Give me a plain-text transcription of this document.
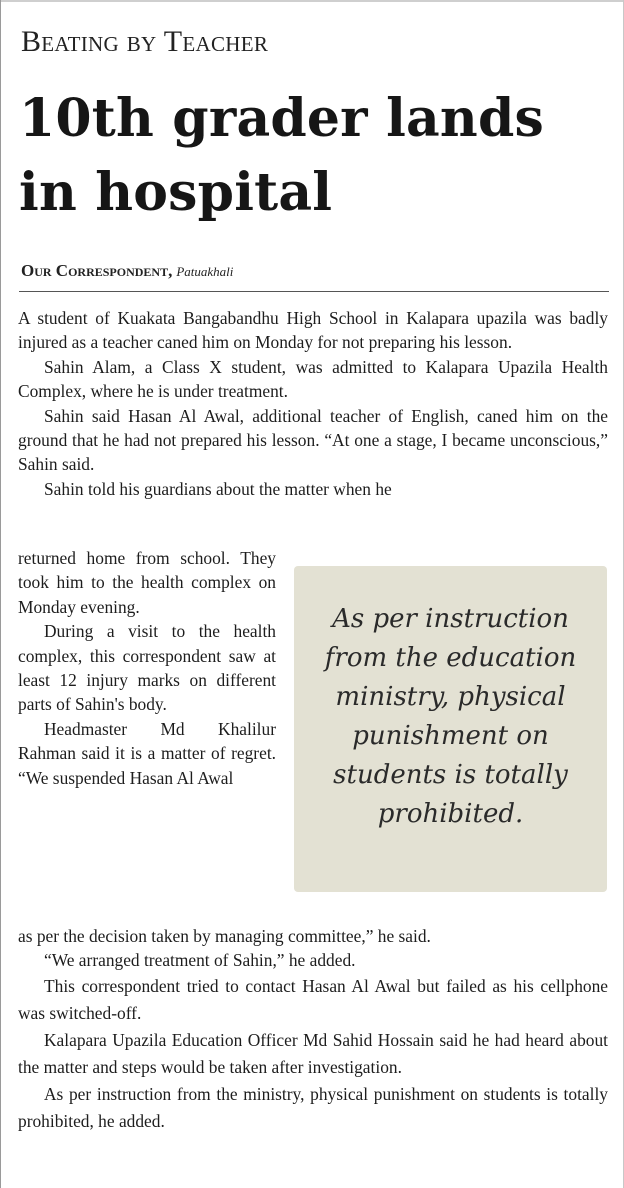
Beating by Teacher
10th grader lands in hospital
Our Correspondent, Patuakhali

A student of Kuakata Bangabandhu High School in Kalapara upazila was badly injured as a teacher caned him on Monday for not preparing his lesson.

Sahin Alam, a Class X student, was admitted to Kalapara Upazila Health Complex, where he is under treatment.

Sahin said Hasan Al Awal, additional teacher of English, caned him on the ground that he had not prepared his lesson. “At one a stage, I became unconscious,” Sahin said.

Sahin told his guardians about the matter when he

returned home from school. They took him to the health complex on Monday evening.

During a visit to the health complex, this correspondent saw at least 12 injury marks on different parts of Sahin's body.

Headmaster Md Khalilur Rahman said it is a matter of regret. “We suspended Hasan Al Awal

As per instruction from the education ministry, physical punishment on students is totally prohibited.

as per the decision taken by managing committee,” he said.

“We arranged treatment of Sahin,” he added.

This correspondent tried to contact Hasan Al Awal but failed as his cellphone was switched-off.

Kalapara Upazila Education Officer Md Sahid Hossain said he had heard about the matter and steps would be taken after investigation.

As per instruction from the ministry, physical punishment on students is totally prohibited, he added.
